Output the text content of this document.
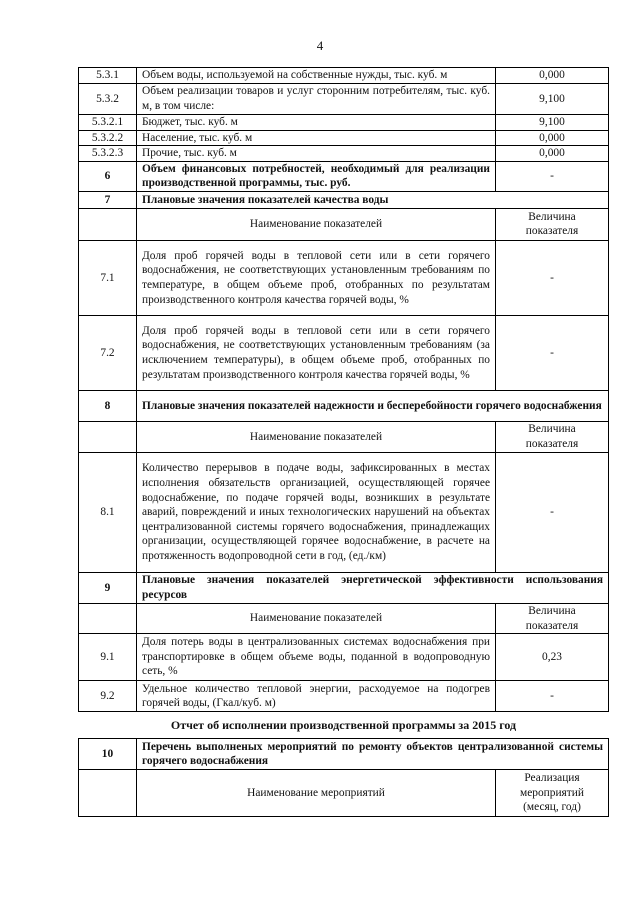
4
5.3.1	Объем воды, используемой на собственные нужды, тыс. куб. м	0,000
5.3.2	Объем реализации товаров и услуг сторонним потребителям, тыс. куб. м, в том числе:	9,100
5.3.2.1	Бюджет, тыс. куб. м	9,100
5.3.2.2	Население, тыс. куб. м	0,000
5.3.2.3	Прочие, тыс. куб. м	0,000
6	Объем финансовых потребностей, необходимый для реализации производственной программы, тыс. руб.	-
7	Плановые значения показателей качества воды	
	Наименование показателей	Величина показателя
7.1	Доля проб горячей воды в тепловой сети или в сети горячего водоснабжения, не соответствующих установленным требованиям по температуре, в общем объеме проб, отобранных по результатам производственного контроля качества горячей воды, %	-
7.2	Доля проб горячей воды в тепловой сети или в сети горячего водоснабжения, не соответствующих установленным требованиям (за исключением температуры), в общем объеме проб, отобранных по результатам производственного контроля качества горячей воды, %	-
8	Плановые значения показателей надежности и бесперебойности горячего водоснабжения	
	Наименование показателей	Величина показателя
8.1	Количество перерывов в подаче воды, зафиксированных в местах исполнения обязательств организацией, осуществляющей горячее водоснабжение, по подаче горячей воды, возникших в результате аварий, повреждений и иных технологических нарушений на объектах централизованной системы горячего водоснабжения, принадлежащих организации, осуществляющей горячее водоснабжение, в расчете на протяженность водопроводной сети в год, (ед./км)	-
9	Плановые значения показателей энергетической эффективности использования ресурсов	
	Наименование показателей	Величина показателя
9.1	Доля потерь воды в централизованных системах водоснабжения при транспортировке в общем объеме воды, поданной в водопроводную сеть, %	0,23
9.2	Удельное количество тепловой энергии, расходуемое на подогрев горячей воды, (Гкал/куб. м)	-
Отчет об исполнении производственной программы за 2015 год		
10	Перечень выполненых мероприятий по ремонту объектов централизованной системы горячего водоснабжения	
	Наименование мероприятий	Реализация мероприятий (месяц, год)
